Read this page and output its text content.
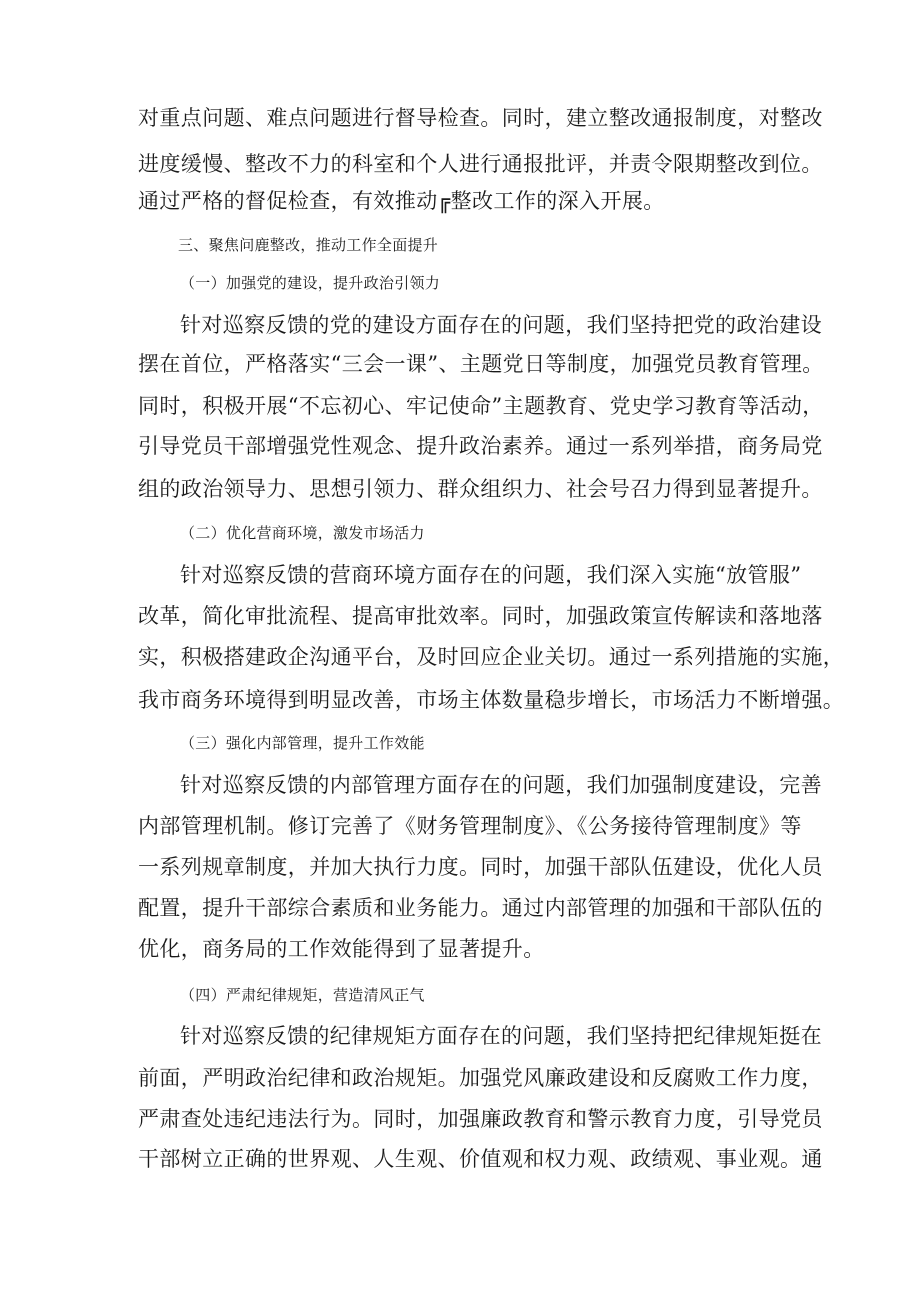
对重点问题、难点问题进行督导检查。同时，建立整改通报制度，对整改
进度缓慢、整改不力的科室和个人进行通报批评，并责令限期整改到位。
通过严格的督促检查，有效推动╔整改工作的深入开展。
三、聚焦问鹿整改，推动工作全面提升
（一）加强党的建设，提升政治引领力
针对巡察反馈的党的建设方面存在的问题，我们坚持把党的政治建设
摆在首位，严格落实“三会一课”、主题党日等制度，加强党员教育管理。
同时，积极开展“不忘初心、牢记使命”主题教育、党史学习教育等活动，
引导党员干部增强党性观念、提升政治素养。通过一系列举措，商务局党
组的政治领导力、思想引领力、群众组织力、社会号召力得到显著提升。
（二）优化营商环境，激发市场活力
针对巡察反馈的营商环境方面存在的问题，我们深入实施“放管服”
改革，简化审批流程、提高审批效率。同时，加强政策宣传解读和落地落
实，积极搭建政企沟通平台，及时回应企业关切。通过一系列措施的实施，
我市商务环境得到明显改善，市场主体数量稳步增长，市场活力不断增强。
（三）强化内部管理，提升工作效能
针对巡察反馈的内部管理方面存在的问题，我们加强制度建设，完善
内部管理机制。修订完善了《财务管理制度》、《公务接待管理制度》等
一系列规章制度，并加大执行力度。同时，加强干部队伍建设，优化人员
配置，提升干部综合素质和业务能力。通过内部管理的加强和干部队伍的
优化，商务局的工作效能得到了显著提升。
（四）严肃纪律规矩，营造清风正气
针对巡察反馈的纪律规矩方面存在的问题，我们坚持把纪律规矩挺在
前面，严明政治纪律和政治规矩。加强党风廉政建设和反腐败工作力度，
严肃查处违纪违法行为。同时，加强廉政教育和警示教育力度，引导党员
干部树立正确的世界观、人生观、价值观和权力观、政绩观、事业观。通
